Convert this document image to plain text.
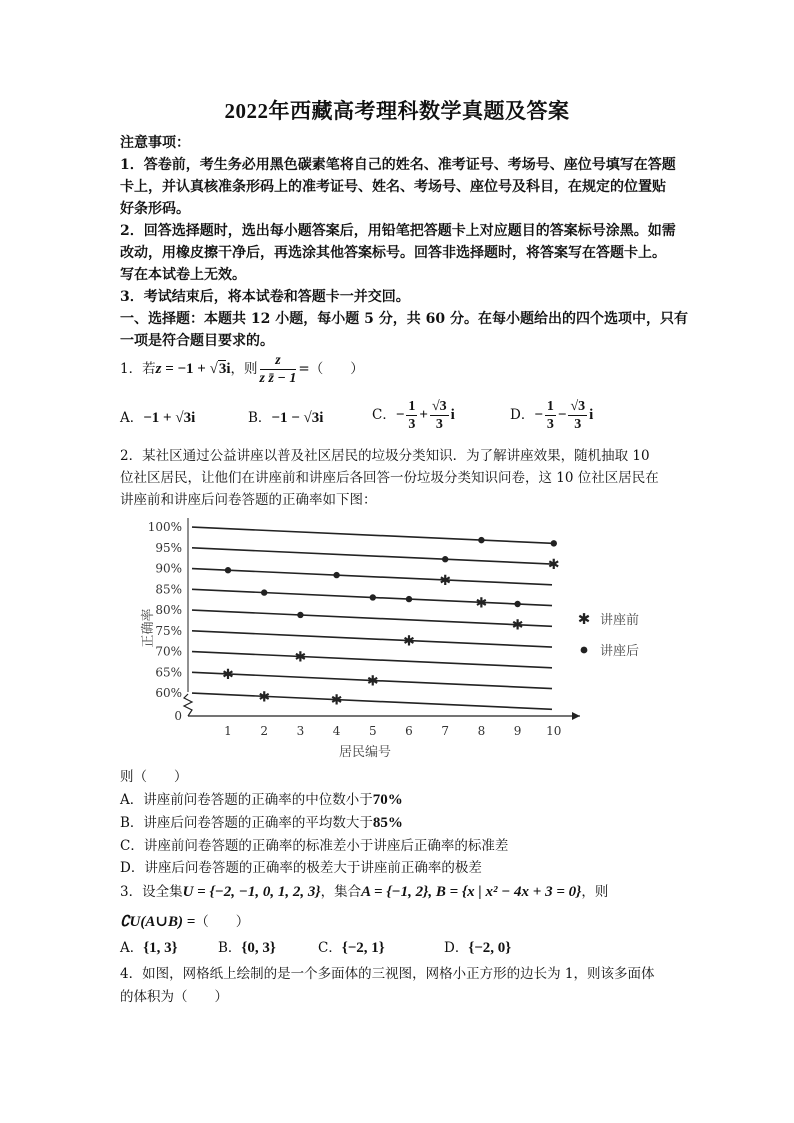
2022年西藏高考理科数学真题及答案
注意事项：
1．答卷前，考生务必用黑色碳素笔将自己的姓名、准考证号、考场号、座位号填写在答题
卡上，并认真核准条形码上的准考证号、姓名、考场号、座位号及科目，在规定的位置贴
好条形码。
2．回答选择题时，选出每小题答案后，用铅笔把答题卡上对应题目的答案标号涂黑。如需
改动，用橡皮擦干净后，再选涂其他答案标号。回答非选择题时，将答案写在答题卡上。
写在本试卷上无效。
3．考试结束后，将本试卷和答题卡一并交回。
一、选择题：本题共 12 小题，每小题 5 分，共 60 分。在每小题给出的四个选项中，只有
一项是符合题目要求的。
1．若z = −1 + √3i，则 $\frac{z}{\text{z z̄ − 1}}$ =（　　）
A．−1 + √3i	B．−1 − √3i	C．− $\frac{1}{3} + \frac{√3}{3}$ i	D．− $\frac{1}{3} - \frac{√3}{3}$ i
2．某社区通过公益讲座以普及社区居民的垃圾分类知识．为了解讲座效果，随机抽取 10
位社区居民，让他们在讲座前和讲座后各回答一份垃圾分类知识问卷，这 10 位社区居民在
讲座前和讲座后问卷答题的正确率如下图：
0
60%
65%
70%
75%
80%
85%
90%
95%
100%
1 2 3 4 5 6 7 8 9 10
✱
✱
✱
✱
✱
✱
✱
✱
✱
✱
正确率
居民编号
✱ 讲座前
讲座后
则（　　）
A．讲座前问卷答题的正确率的中位数小于70%
B．讲座后问卷答题的正确率的平均数大于85%
C．讲座前问卷答题的正确率的标准差小于讲座后正确率的标准差
D．讲座后问卷答题的正确率的极差大于讲座前正确率的极差
3．设全集U = {−2, −1, 0, 1, 2, 3}，集合A = {−1, 2}, B = {x | x² − 4x + 3 = 0}，则
∁U(A∪B) =（　　）
A．{1, 3}	B．{0, 3}	C．{−2, 1}	D．{−2, 0}
4．如图，网格纸上绘制的是一个多面体的三视图，网格小正方形的边长为 1，则该多面体
的体积为（　　）
